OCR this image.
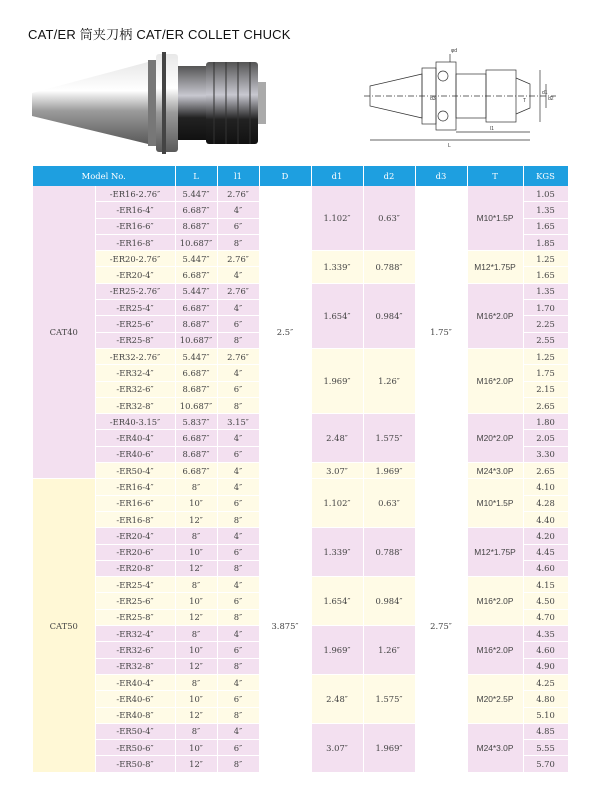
CAT/ER 筒夹刀柄 CAT/ER COLLET CHUCK
φd
T
d1
d2
d3
l1
L
Model No.		L	l1	D	d1	d2	d3	T	KGS
CAT40	-ER16-2.76″	5.447″	2.76″	2.5″	1.102″	0.63″	1.75″	M10*1.5P	1.05
	-ER16-4″	6.687″	4″						1.35
	-ER16-6″	8.687″	6″						1.65
	-ER16-8″	10.687″	8″						1.85
	-ER20-2.76″	5.447″	2.76″		1.339″	0.788″		M12*1.75P	1.25
	-ER20-4″	6.687″	4″						1.65
	-ER25-2.76″	5.447″	2.76″		1.654″	0.984″		M16*2.0P	1.35
	-ER25-4″	6.687″	4″						1.70
	-ER25-6″	8.687″	6″						2.25
	-ER25-8″	10.687″	8″						2.55
	-ER32-2.76″	5.447″	2.76″		1.969″	1.26″		M16*2.0P	1.25
	-ER32-4″	6.687″	4″						1.75
	-ER32-6″	8.687″	6″						2.15
	-ER32-8″	10.687″	8″						2.65
	-ER40-3.15″	5.837″	3.15″		2.48″	1.575″		M20*2.0P	1.80
	-ER40-4″	6.687″	4″						2.05
	-ER40-6″	8.687″	6″						3.30
	-ER50-4″	6.687″	4″		3.07″	1.969″		M24*3.0P	2.65
CAT50	-ER16-4″	8″	4″	3.875″	1.102″	0.63″	2.75″	M10*1.5P	4.10
	-ER16-6″	10″	6″						4.28
	-ER16-8″	12″	8″						4.40
	-ER20-4″	8″	4″		1.339″	0.788″		M12*1.75P	4.20
	-ER20-6″	10″	6″						4.45
	-ER20-8″	12″	8″						4.60
	-ER25-4″	8″	4″		1.654″	0.984″		M16*2.0P	4.15
	-ER25-6″	10″	6″						4.50
	-ER25-8″	12″	8″						4.70
	-ER32-4″	8″	4″		1.969″	1.26″		M16*2.0P	4.35
	-ER32-6″	10″	6″						4.60
	-ER32-8″	12″	8″						4.90
	-ER40-4″	8″	4″		2.48″	1.575″		M20*2.5P	4.25
	-ER40-6″	10″	6″						4.80
	-ER40-8″	12″	8″						5.10
	-ER50-4″	8″	4″		3.07″	1.969″		M24*3.0P	4.85
	-ER50-6″	10″	6″						5.55
	-ER50-8″	12″	8″						5.70
